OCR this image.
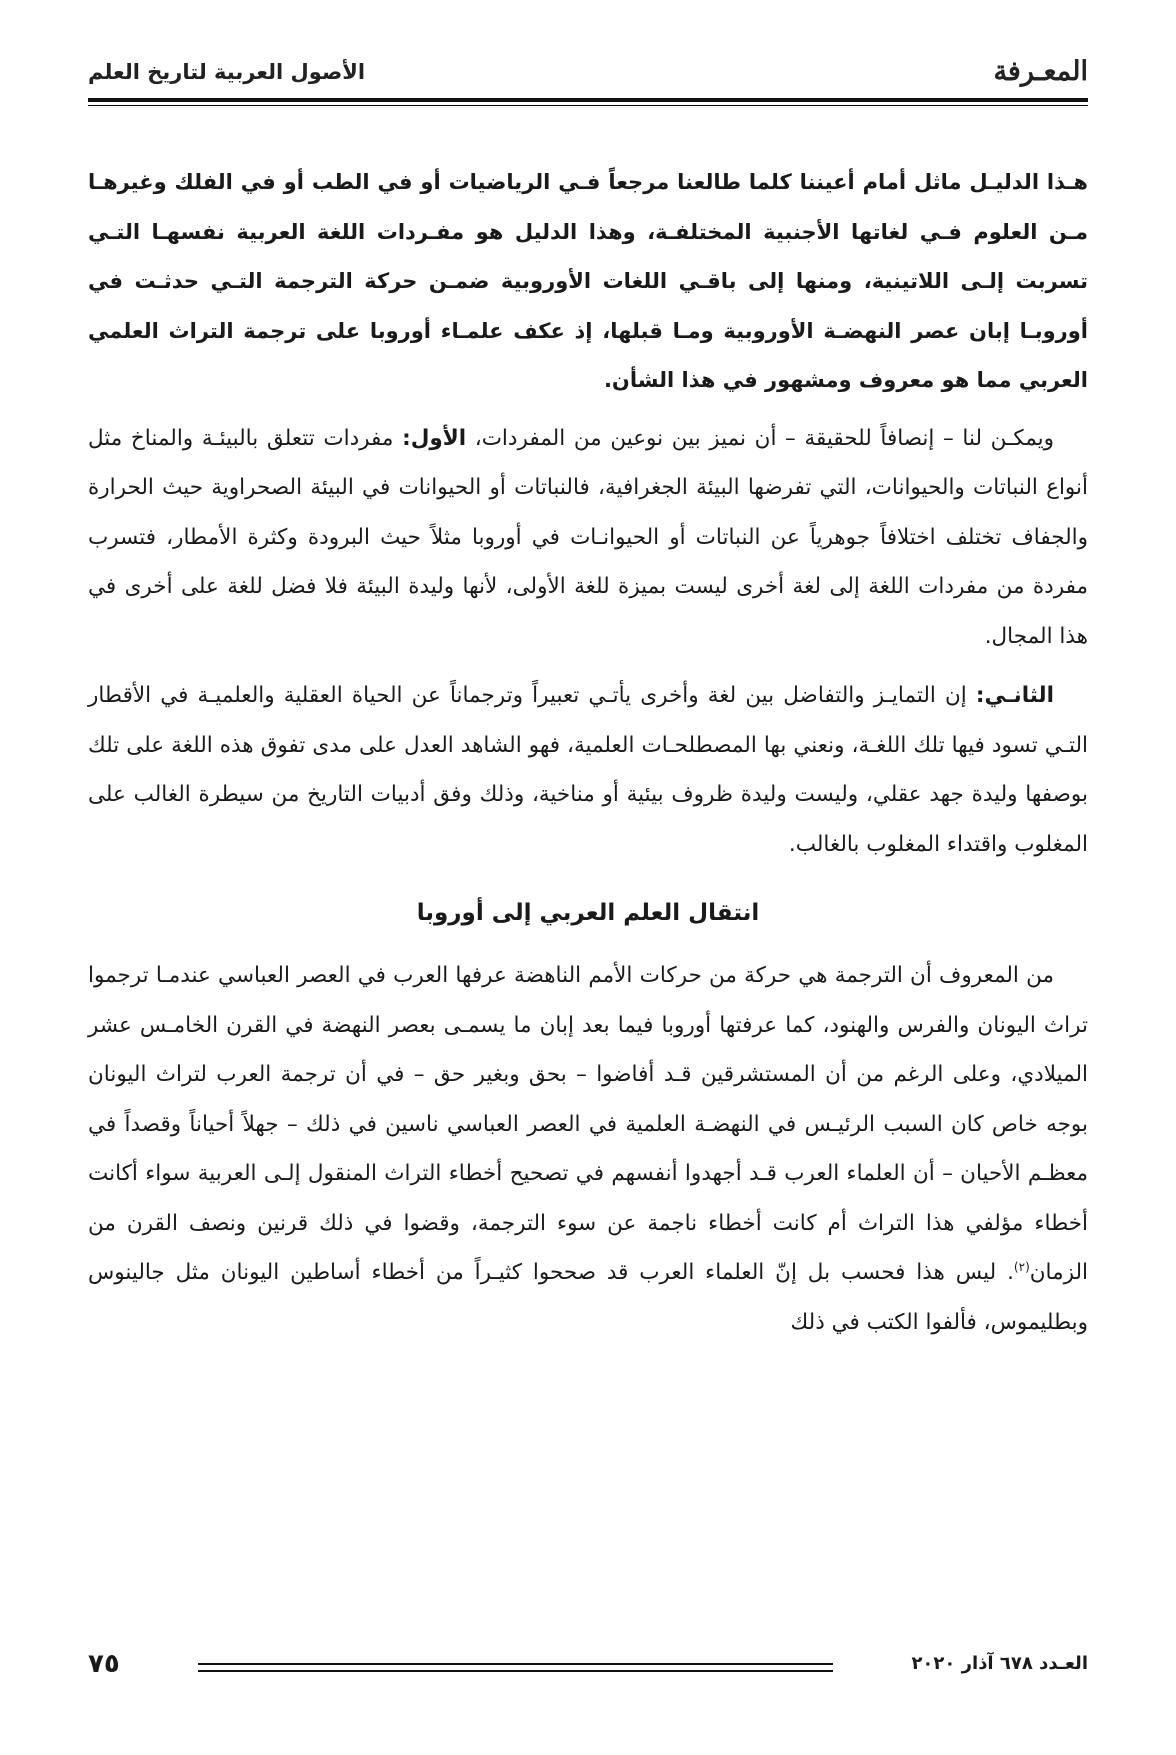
المعـرفة
الأصول العربية لتاريخ العلم

هـذا الدليـل ماثل أمام أعيننا كلما طالعنا مرجعاً فـي الرياضيات أو في الطب أو في الفلك وغيرهـا مـن العلوم فـي لغاتها الأجنبية المختلفـة، وهذا الدليل هو مفـردات اللغة العربية نفسهـا التـي تسربت إلـى اللاتينية، ومنها إلى باقـي اللغات الأوروبية ضمـن حركة الترجمة التـي حدثـت في أوروبـا إبان عصر النهضـة الأوروبية ومـا قبلها، إذ عكف علمـاء أوروبا على ترجمة التراث العلمي العربي مما هو معروف ومشهور في هذا الشأن.

ويمكـن لنا – إنصافاً للحقيقة – أن نميز بين نوعين من المفردات، الأول: مفردات تتعلق بالبيئـة والمناخ مثل أنواع النباتات والحيوانات، التي تفرضها البيئة الجغرافية، فالنباتات أو الحيوانات في البيئة الصحراوية حيث الحرارة والجفاف تختلف اختلافاً جوهرياً عن النباتات أو الحيوانـات في أوروبا مثلاً حيث البرودة وكثرة الأمطار، فتسرب مفردة من مفردات اللغة إلى لغة أخرى ليست بميزة للغة الأولى، لأنها وليدة البيئة فلا فضل للغة على أخرى في هذا المجال.

الثانـي: إن التمايـز والتفاضل بين لغة وأخرى يأتـي تعبيراً وترجماناً عن الحياة العقلية والعلميـة في الأقطار التـي تسود فيها تلك اللغـة، ونعني بها المصطلحـات العلمية، فهو الشاهد العدل على مدى تفوق هذه اللغة على تلك بوصفها وليدة جهد عقلي، وليست وليدة ظروف بيئية أو مناخية، وذلك وفق أدبيات التاريخ من سيطرة الغالب على المغلوب واقتداء المغلوب بالغالب.

انتقال العلم العربي إلى أوروبا

من المعروف أن الترجمة هي حركة من حركات الأمم الناهضة عرفها العرب في العصر العباسي عندمـا ترجموا تراث اليونان والفرس والهنود، كما عرفتها أوروبا فيما بعد إبان ما يسمـى بعصر النهضة في القرن الخامـس عشر الميلادي، وعلى الرغم من أن المستشرقين قـد أفاضوا – بحق وبغير حق – في أن ترجمة العرب لتراث اليونان بوجه خاص كان السبب الرئيـس في النهضـة العلمية في العصر العباسي ناسين في ذلك – جهلاً أحياناً وقصداً في معظـم الأحيان – أن العلماء العرب قـد أجهدوا أنفسهم في تصحيح أخطاء التراث المنقول إلـى العربية سواء أكانت أخطاء مؤلفي هذا التراث أم كانت أخطاء ناجمة عن سوء الترجمة، وقضوا في ذلك قرنين ونصف القرن من الزمان$^{(٢)}$. ليس هذا فحسب بل إنّ العلماء العرب قد صححوا كثيـراً من أخطاء أساطين اليونان مثل جالينوس وبطليموس، فألفوا الكتب في ذلك

العـدد ٦٧٨ آذار ٢٠٢٠
٧٥
